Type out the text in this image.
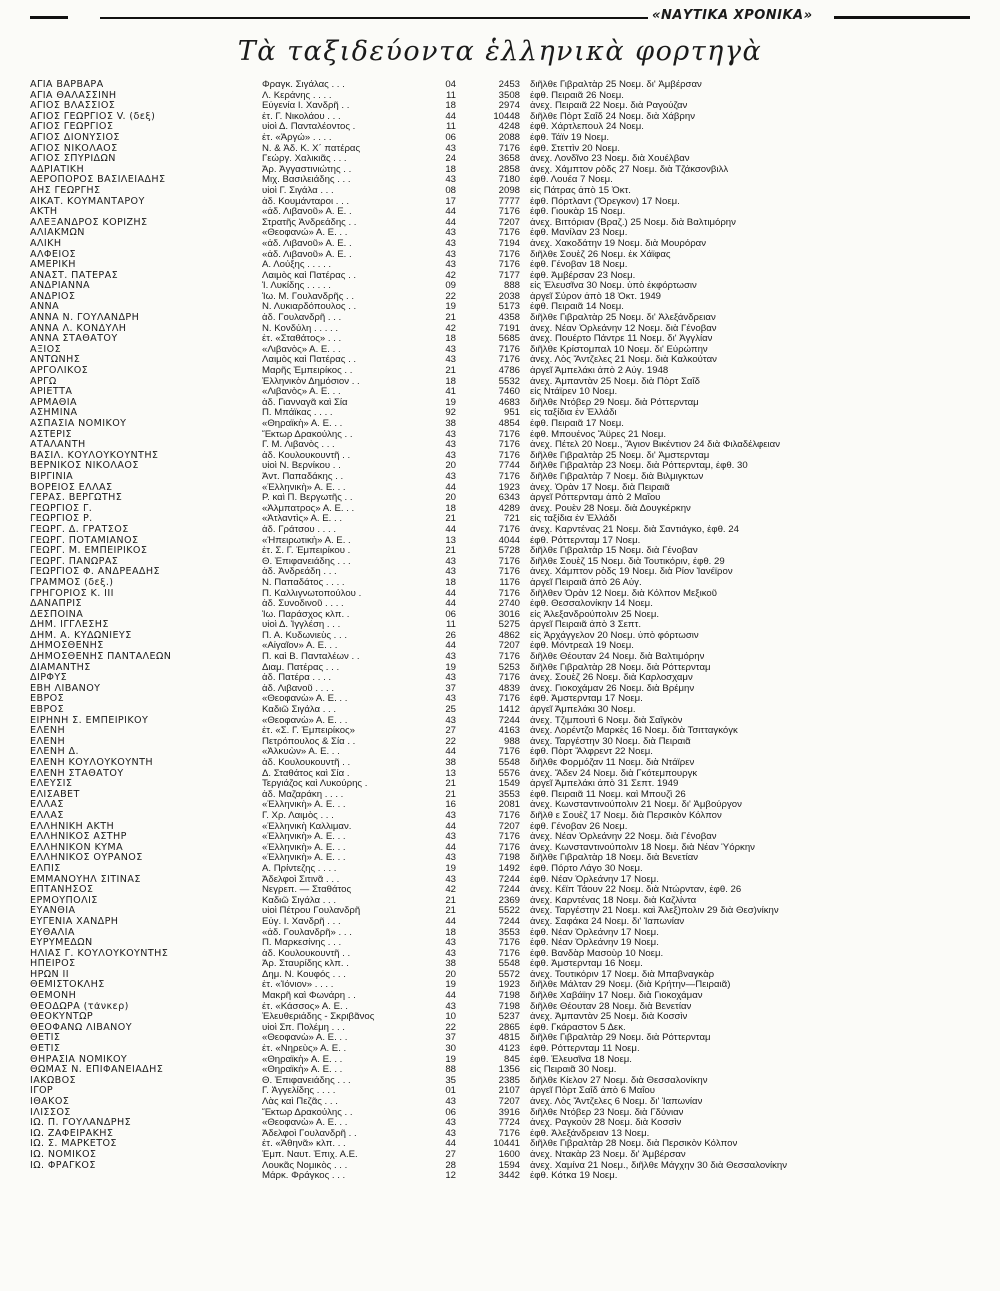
«ΝΑΥΤΙΚΑ ΧΡΟΝΙΚΑ»
Τὰ ταξιδεύοντα ἑλληνικὰ φορτηγὰ
ΑΓΙΑ ΒΑΡΒΑΡΑ	Φραγκ. Σιγάλας . . .	04	2453 διῆλθε Γιβραλτὰρ 25 Νοεμ. δι' Ἀμβέρσαν
ΑΓΙΑ ΘΑΛΑΣΣΙΝΗ	Λ. Κεράνης . . . .	11	3508 ἐφθ. Πειραιᾶ 26 Νοεμ.
ΑΓΙΟΣ ΒΛΑΣΣΙΟΣ	Εὐγενία Ι. Χανδρῆ . .	18	2974 ἀνεχ. Πειραιᾶ 22 Νοεμ. διὰ Ραγούζαν
ΑΓΙΟΣ ΓΕΩΡΓΙΟΣ V. (δεξ)	ἑτ. Γ. Νικολάου . . .	44	10448 διῆλθε Πὸρτ Σαΐδ 24 Νοεμ. διὰ Χάβρην
ΑΓΙΟΣ ΓΕΩΡΓΙΟΣ	υἱοὶ Δ. Πανταλέοντος .	11	4248 ἐφθ. Χάρτλεπουλ 24 Νοεμ.
ΑΓΙΟΣ ΔΙΟΝΥΣΙΟΣ	ἑτ. «Ἀργώ» . . . .	06	2088 ἐφθ. Τάϊν 19 Νοεμ.
ΑΓΙΟΣ ΝΙΚΟΛΑΟΣ	Ν. & Ἀδ. Κ. Χ΄ πατέρας	43	7176 ἐφθ. Στεττὶν 20 Νοεμ.
ΑΓΙΟΣ ΣΠΥΡΙΔΩΝ	Γεώργ. Χαλικιᾶς . . .	24	3658 ἀνεχ. Λονδῖνο 23 Νοεμ. διὰ Χουέλβαν
ΑΔΡΙΑΤΙΚΗ	Ἀρ. Ἀγγαστινιώτης . .	18	2858 ἀνεχ. Χάμπτον ρὸδς 27 Νοεμ. διὰ Τζάκσονβιλλ
ΑΕΡΟΠΟΡΟΣ ΒΑΣΙΛΕΙΑΔΗΣ	Μιχ. Βασιλειάδης . . .	43	7180 ἐφθ. Λουέα 7 Νοεμ.
ΑΗΣ ΓΕΩΡΓΗΣ	υἱοὶ Γ. Σιγάλα . . .	08	2098 εἰς Πάτρας ἀπὸ 15 Ὀκτ.
ΑΙΚΑΤ. ΚΟΥΜΑΝΤΑΡΟΥ	ἀδ. Κουμάνταροι . . .	17	7777 ἐφθ. Πόρτλαντ (Ὄρεγκον) 17 Νοεμ.
ΑΚΤΗ	«ἀδ. Λιβανοῦ» Α. Ε. .	44	7176 ἐφθ. Γιουκὰρ 15 Νοεμ.
ΑΛΕΞΑΝΔΡΟΣ ΚΟΡΙΖΗΣ	Στρατῆς Ἀνδρεάδης . .	44	7207 ἀνεχ. Βιττόριαν (Βραζ.) 25 Νοεμ. διὰ Βαλτιμόρην
ΑΛΙΑΚΜΩΝ	«Θεοφανώ» Α. Ε. . .	43	7176 ἐφθ. Μανίλαν 23 Νοεμ.
ΑΛΙΚΗ	«ἀδ. Λιβανοῦ» Α. Ε. .	43	7194 ἀνεχ. Χακοδάτην 19 Νοεμ. διὰ Μουρόραν
ΑΛΦΕΙΟΣ	«ἀδ. Λιβανοῦ» Α. Ε. .	43	7176 διῆλθε Σουὲζ 26 Νοεμ. ἐκ Χάϊφας
ΑΜΕΡΙΚΗ	Α. Λούξης . . . . .	43	7176 ἐφθ. Γένοβαν 18 Νοεμ.
ΑΝΑΣΤ. ΠΑΤΕΡΑΣ	Λαιμὸς καὶ Πατέρας . .	42	7177 ἐφθ. Ἀμβέρσαν 23 Νοεμ.
ΑΝΔΡΙΑΝΝΑ	Ἰ. Λυκίδης . . . . .	09	888 εἰς Ἐλευσῖνα 30 Νοεμ. ὑπὸ ἐκφόρτωσιν
ΑΝΔΡΙΟΣ	Ἰω. Μ. Γουλανδρῆς . .	22	2038 ἀργεῖ Σύρον ἀπὸ 18 Ὀκτ. 1949
ΑΝΝΑ	Ν. Λυκιαρδόπουλος . .	19	5173 ἐφθ. Πειραιᾶ 14 Νοεμ.
ΑΝΝΑ Ν. ΓΟΥΛΑΝΔΡΗ	ἀδ. Γουλανδρῆ . . .	21	4358 διῆλθε Γιβραλτὰρ 25 Νοεμ. δι' Ἀλεξάνδρειαν
ΑΝΝΑ Λ. ΚΟΝΔΥΛΗ	Ν. Κονδύλη . . . . .	42	7191 ἀνεχ. Νέαν Ὀρλεάνην 12 Νοεμ. διὰ Γένοβαν
ΑΝΝΑ ΣΤΑΘΑΤΟΥ	ἑτ. «Σταθάτος» . . .	18	5685 ἀνεχ. Πουέρτο Πάντρε 11 Νοεμ. δι' Ἀγγλίαν
ΑΞΙΟΣ	«Λιβανὸς» Α. Ε. . .	43	7176 διῆλθε Κρίστομπαλ 10 Νοεμ. δι' Εὐρώπην
ΑΝΤΩΝΗΣ	Λαιμὸς καὶ Πατέρας . .	43	7176 ἀνεχ. Λὸς Ἄντζελες 21 Νοεμ. διὰ Καλκούταν
ΑΡΓΟΛΙΚΟΣ	Μαρῆς Ἐμπειρίκος . .	21	4786 ἀργεῖ Ἀμπελάκι ἀπὸ 2 Αὐγ. 1948
ΑΡΓΩ	Ἑλληνικὸν Δημόσιον . .	18	5532 ἀνεχ. Ἀμπαντὰν 25 Νοεμ. διὰ Πὸρτ Σαΐδ
ΑΡΙΕΤΤΑ	«Λιβανὸς» Α. Ε. . .	41	7460 εἰς Ντάϊρεν 10 Νοεμ.
ΑΡΜΑΘΙΑ	ἀδ. Γιανναγᾶ καὶ Σία	19	4683 διῆλθε Ντόβερ 29 Νοεμ. διὰ Ρόττερνταμ
ΑΣΗΜΙΝΑ	Π. Μπάϊκας . . . .	92	951 εἰς ταξίδια ἐν Ἑλλάδι
ΑΣΠΑΣΙΑ ΝΟΜΙΚΟΥ	«Θηραϊκὴ» Α. Ε. . .	38	4854 ἐφθ. Πειραιᾶ 17 Νοεμ.
ΑΣΤΕΡΙΣ	Ἔκτωρ Δρακούλης . .	43	7176 ἐφθ. Μπουένος Ἄϋρες 21 Νοεμ.
ΑΤΑΛΑΝΤΗ	Γ. Μ. Λιβανὸς . . .	43	7176 ἀνεχ. Πέτελ 20 Νοεμ., Ἄγιον Βικέντιον 24 διὰ Φιλαδέλφειαν
ΒΑΣΙΛ. ΚΟΥΛΟΥΚΟΥΝΤΗΣ	ἀδ. Κουλουκουντῆ . .	43	7176 διῆλθε Γιβραλτὰρ 25 Νοεμ. δι' Ἀμστερνταμ
ΒΕΡΝΙΚΟΣ ΝΙΚΟΛΑΟΣ	υἱοὶ Ν. Βερνίκου . .	20	7744 διῆλθε Γιβραλτὰρ 23 Νοεμ. διὰ Ρόττερνταμ, ἐφθ. 30
ΒΙΡΓΙΝΙΑ	Ἀντ. Παπαδάκης . .	43	7176 διῆλθε Γιβραλτὰρ 7 Νοεμ. διὰ Βιλμιγκτων
ΒΟΡΕΙΟΣ ΕΛΛΑΣ	«Ἑλληνικὴ» Α. Ε. . .	44	1923 ἀνεχ. Ὀρὰν 17 Νοεμ. διὰ Πειραιᾶ
ΓΕΡΑΣ. ΒΕΡΓΩΤΗΣ	Ρ. καὶ Π. Βεργωτῆς . .	20	6343 ἀργεῖ Ρόττερνταμ ἀπὸ 2 Μαΐου
ΓΕΩΡΓΙΟΣ Γ.	«Ἀλμπατρος» Α. Ε. . .	18	4289 ἀνεχ. Ρουὲν 28 Νοεμ. διὰ Δουγκέρκην
ΓΕΩΡΓΙΟΣ Ρ.	«Ἀτλαντὶς» Α. Ε. . .	21	721 εἰς ταξίδια ἐν Ἑλλάδι
ΓΕΩΡΓ. Δ. ΓΡΑΤΣΟΣ	ἀδ. Γράτσου . . . .	44	7176 ἀνεχ. Καρντένας 21 Νοεμ. διὰ Σαντιάγκο, ἐφθ. 24
ΓΕΩΡΓ. ΠΟΤΑΜΙΑΝΟΣ	«Ἠπειρωτικὴ» Α. Ε. .	13	4044 ἐφθ. Ρόττερνταμ 17 Νοεμ.
ΓΕΩΡΓ. Μ. ΕΜΠΕΙΡΙΚΟΣ	ἑτ. Σ. Γ. Ἐμπειρίκου .	21	5728 διῆλθε Γιβραλτὰρ 15 Νοεμ. διὰ Γένοβαν
ΓΕΩΡΓ. ΠΑΝΩΡΑΣ	Θ. Ἐπιφανειάδης . . .	43	7176 διῆλθε Σουὲζ 15 Νοεμ. διὰ Τουτικόριν, ἐφθ. 29
ΓΕΩΡΓΙΟΣ Φ. ΑΝΔΡΕΑΔΗΣ	ἀδ. Ἀνδρεάδη . . .	43	7176 ἀνεχ. Χάμπτον ρὸδς 19 Νοεμ. διὰ Ρίον Ἰανέϊρον
ΓΡΑΜΜΟΣ (δεξ.)	Ν. Παπαδάτος . . . .	18	1176 ἀργεῖ Πειραιᾶ ἀπὸ 26 Αὐγ.
ΓΡΗΓΟΡΙΟΣ Κ. III	Π. Καλλιγνωτοπούλου .	44	7176 διῆλθεν Ὀρὰν 12 Νοεμ. διὰ Κόλπον Μεξικοῦ
ΔΑΝΑΠΡΙΣ	ἀδ. Συνοδινοῦ . . . .	44	2740 ἐφθ. Θεσσαλονίκην 14 Νοεμ.
ΔΕΣΠΟΙΝΑ	Ἰω. Παράσχος κλπ. .	06	3016 εἰς Ἀλεξανδρούπολιν 25 Νοεμ.
ΔΗΜ. ΙΓΓΛΕΣΗΣ	υἱοὶ Δ. Ἰγγλέση . . .	11	5275 ἀργεῖ Πειραιᾶ ἀπὸ 3 Σεπτ.
ΔΗΜ. Α. ΚΥΔΩΝΙΕΥΣ	Π. Α. Κυδωνιεὺς . . .	26	4862 εἰς Ἀρχάγγελον 20 Νοεμ. ὑπὸ φόρτωσιν
ΔΗΜΟΣΘΕΝΗΣ	«Αἰγαῖον» Α. Ε. . .	44	7207 ἐφθ. Μόντρεαλ 19 Νοεμ.
ΔΗΜΟΣΘΕΝΗΣ ΠΑΝΤΑΛΕΩΝ	Π. καὶ Β. Πανταλέων . .	43	7176 διῆλθε Θέουταν 24 Νοεμ. διὰ Βαλτιμόρην
ΔΙΑΜΑΝΤΗΣ	Διαμ. Πατέρας . . .	19	5253 διῆλθε Γιβραλτὰρ 28 Νοεμ. διὰ Ρόττερνταμ
ΔΙΡΦΥΣ	ἀδ. Πατέρα . . . .	43	7176 ἀνεχ. Σουὲζ 26 Νοεμ. διὰ Καρλοσχαμν
ΕΒΗ ΛΙΒΑΝΟΥ	ἀδ. Λιβανοῦ . . . .	37	4839 ἀνεχ. Γιοκοχάμαν 26 Νοεμ. διὰ Βρέμην
ΕΒΡΟΣ	«Θεοφανὼ» Α. Ε. . .	43	7176 ἐφθ. Ἀμστερνταμ 17 Νοεμ.
ΕΒΡΟΣ	Καδιῶ Σιγάλα . . .	25	1412 ἀργεῖ Ἀμπελάκι 30 Νοεμ.
ΕΙΡΗΝΗ Σ. ΕΜΠΕΙΡΙΚΟΥ	«Θεοφανὼ» Α. Ε. . .	43	7244 ἀνεχ. Τζιμπουτὶ 6 Νοεμ. διὰ Σαΐγκὸν
ΕΛΕΝΗ	ἑτ. «Σ. Γ. Ἐμπειρίκος»	27	4163 ἀνεχ. Λορέντζο Μαρκὲς 16 Νοεμ. διὰ Τσιτταγκόγκ
ΕΛΕΝΗ	Πετρόπουλος & Σία . .	22	988 ἀνεχ. Ταργέστην 30 Νοεμ. διὰ Πειραιᾶ
ΕΛΕΝΗ Δ.	«Ἀλκυὼν» Α. Ε. . .	44	7176 ἐφθ. Πὸρτ Ἄλφρεντ 22 Νοεμ.
ΕΛΕΝΗ ΚΟΥΛΟΥΚΟΥΝΤΗ	ἀδ. Κουλουκουντῆ . .	38	5548 διῆλθε Φορμόζαν 11 Νοεμ. διὰ Ντάϊρεν
ΕΛΕΝΗ ΣΤΑΘΑΤΟΥ	Δ. Σταθάτος καὶ Σία .	13	5576 ἀνεχ. Ἄδεν 24 Νοεμ. διὰ Γκότεμπουργκ
ΕΛΕΥΣΙΣ	Τεργιάζος καὶ Λυκούρης .	21	1549 ἀργεῖ Ἀμπελάκι ἀπὸ 31 Σεπτ. 1949
ΕΛΙΣΑΒΕΤ	ἀδ. Μαζαράκη . . . .	21	3553 ἐφθ. Πειραιᾶ 11 Νοεμ. καὶ Μπουζὶ 26
ΕΛΛΑΣ	«Ἑλληνικὴ» Α. Ε. . .	16	2081 ἀνεχ. Κωνσταντινούπολιν 21 Νοεμ. δι' Ἀμβούργον
ΕΛΛΑΣ	Γ. Χρ. Λαιμὸς . . .	43	7176 διῆλθ ε Σουὲζ 17 Νοεμ. διὰ Περσικὸν Κόλπον
ΕΛΛΗΝΙΚΗ ΑΚΤΗ	«Ἑλληνικὴ Καλλιμαν.	44	7207 ἐφθ. Γένοβαν 26 Νοεμ.
ΕΛΛΗΝΙΚΟΣ ΑΣΤΗΡ	«Ἑλληνικὴ» Α. Ε. . .	43	7176 ἀνεχ. Νέαν Ὀρλεάνην 22 Νοεμ. διὰ Γένοβαν
ΕΛΛΗΝΙΚΟΝ ΚΥΜΑ	«Ἑλληνικὴ» Α. Ε. . .	44	7176 ἀνεχ. Κωνσταντινούπολιν 18 Νοεμ. διὰ Νέαν Ὑόρκην
ΕΛΛΗΝΙΚΟΣ ΟΥΡΑΝΟΣ	«Ἑλληνικὴ» Α. Ε. . .	43	7198 διῆλθε Γιβραλτὰρ 18 Νοεμ. διὰ Βενετίαν
ΕΛΠΙΣ	Α. Πρίντεζης . . . .	19	1492 ἐφθ. Πόρτο Λάγο 30 Νοεμ.
ΕΜΜΑΝΟΥΗΛ ΣΙΤΙΝΑΣ	Ἀδελφοὶ Σιτινᾶ . . .	43	7244 ἐφθ. Νέαν Ὀρλεάνην 17 Νοεμ.
ΕΠΤΑΝΗΣΟΣ	Νεγρεπ. — Σταθάτος	42	7244 ἀνεχ. Κέϊπ Τάουν 22 Νοεμ. διὰ Ντώρνταν, ἐφθ. 26
ΕΡΜΟΥΠΟΛΙΣ	Καδιῶ Σιγάλα . . .	21	2369 ἀνεχ. Καρντένας 18 Νοεμ. διὰ Καζλίντα
ΕΥΑΝΘΙΑ	υἱοὶ Πέτρου Γουλανδρῆ	21	5522 ἀνεχ. Ταργέστην 21 Νοεμ. καὶ Ἀλεξ)πολιν 29 διὰ Θεσ)νίκην
ΕΥΓΕΝΙΑ ΧΑΝΔΡΗ	Εὐγ. Ι. Χανδρῆ . . .	44	7244 ἀνεχ. Σαφάκα 24 Νοεμ. δι' Ἰαπωνίαν
ΕΥΘΑΛΙΑ	«ἀδ. Γουλανδρῆ» . . .	18	3553 ἐφθ. Νέαν Ὀρλεάνην 17 Νοεμ.
ΕΥΡΥΜΕΔΩΝ	Π. Μαρκεσίνης . . .	43	7176 ἐφθ. Νέαν Ὀρλεάνην 19 Νοεμ.
ΗΛΙΑΣ Γ. ΚΟΥΛΟΥΚΟΥΝΤΗΣ	ἀδ. Κουλουκουντῆ . .	43	7176 ἐφθ. Βανδὰρ Μασοὺρ 10 Νοεμ.
ΗΠΕΙΡΟΣ	Ἀρ. Σταυρίδης κλπ. .	38	5548 ἐφθ. Ἀμστερνταμ 16 Νοεμ.
ΗΡΩΝ ΙΙ	Δημ. Ν. Κουφός . . .	20	5572 ἀνεχ. Τουτικόριν 17 Νοεμ. διὰ Μπαβναγκὰρ
ΘΕΜΙΣΤΟΚΛΗΣ	ἑτ. «Ἰόνιον» . . . .	19	1923 διῆλθε Μάλταν 29 Νοεμ. (διὰ Κρήτην—Πειραιᾶ)
ΘΕΜΟΝΗ	Μακρῆ καὶ Φωνάρη . .	44	7198 διῆλθε Χαβάϊην 17 Νοεμ. διὰ Γιοκοχάμαν
ΘΕΟΔΩΡΑ (τάνκερ)	ἑτ. «Κάσσος» Α. Ε. .	43	7198 διῆλθε Θέουταν 28 Νοεμ. διὰ Βενετίαν
ΘΕΟΚΥΝΤΩΡ	Ἐλευθεριάδης - Σκριβᾶνος	10	5237 ἀνεχ. Ἀμπαντὰν 25 Νοεμ. διὰ Κοσσὶν
ΘΕΟΦΑΝΩ ΛΙΒΑΝΟΥ	υἱοὶ Σπ. Πολέμη . . .	22	2865 ἐφθ. Γκάραστον 5 Δεκ.
ΘΕΤΙΣ	«Θεοφανὼ» Α. Ε. . .	37	4815 διῆλθε Γιβραλτὰρ 29 Νοεμ. διὰ Ρόττερνταμ
ΘΕΤΙΣ	ἑτ. «Νηρεὺς» Α. Ε. .	30	4123 ἐφθ. Ρόττερνταμ 11 Νοεμ.
ΘΗΡΑΣΙΑ ΝΟΜΙΚΟΥ	«Θηραϊκὴ» Α. Ε. . .	19	845 ἐφθ. Ἐλευσῖνα 18 Νοεμ.
ΘΩΜΑΣ Ν. ΕΠΙΦΑΝΕΙΑΔΗΣ	«Θηραϊκὴ» Α. Ε. . .	88	1356 εἰς Πειραιᾶ 30 Νοεμ.
ΙΑΚΩΒΟΣ	Θ. Ἐπιφανειάδης . . .	35	2385 διῆλθε Κίελον 27 Νοεμ. διὰ Θεσσαλονίκην
ΙΓΟΡ	Γ. Ἀγγελίδης . . . .	01	2107 ἀργεῖ Πὸρτ Σαΐδ ἀπὸ 6 Μαΐου
ΙΘΑΚΟΣ	Λὰς καὶ Πεζᾶς . . .	43	7207 ἀνεχ. Λὸς Ἄντζελες 6 Νοεμ. δι' Ἰαπωνίαν
ΙΛΙΣΣΟΣ	Ἔκτωρ Δρακούλης . .	06	3916 διῆλθε Ντόβερ 23 Νοεμ. διὰ Γδύνιαν
ΙΩ. Π. ΓΟΥΛΑΝΔΡΗΣ	«Θεοφανὼ» Α. Ε. . .	43	7724 ἀνεχ. Ραγκοὺν 28 Νοεμ. διὰ Κοσσὶν
ΙΩ. ΖΑΦΕΙΡΑΚΗΣ	Ἀδελφοὶ Γουλανδρῆ . .	43	7176 ἐφθ. Ἀλεξάνδρειαν 13 Νοεμ.
ΙΩ. Σ. ΜΑΡΚΕΤΟΣ	ἑτ. «Ἀθηνᾶ» κλπ. . .	44	10441 διῆλθε Γιβραλτὰρ 28 Νοεμ. διὰ Περσικὸν Κόλπον
ΙΩ. ΝΟΜΙΚΟΣ	Ἐμπ. Ναυτ. Ἐπιχ. Α.Ε.	27	1600 ἀνεχ. Ντακὰρ 23 Νοεμ. δι' Ἀμβέρσαν
ΙΩ. ΦΡΑΓΚΟΣ	Λουκᾶς Νομικὸς . . .	28	1594 ἀνεχ. Χαμίνα 21 Νοεμ., διῆλθε Μάγχην 30 διὰ Θεσσαλονίκην
Μάρκ. Φράγκος . . .	12	3442 ἐφθ. Κότκα 19 Νοεμ.
